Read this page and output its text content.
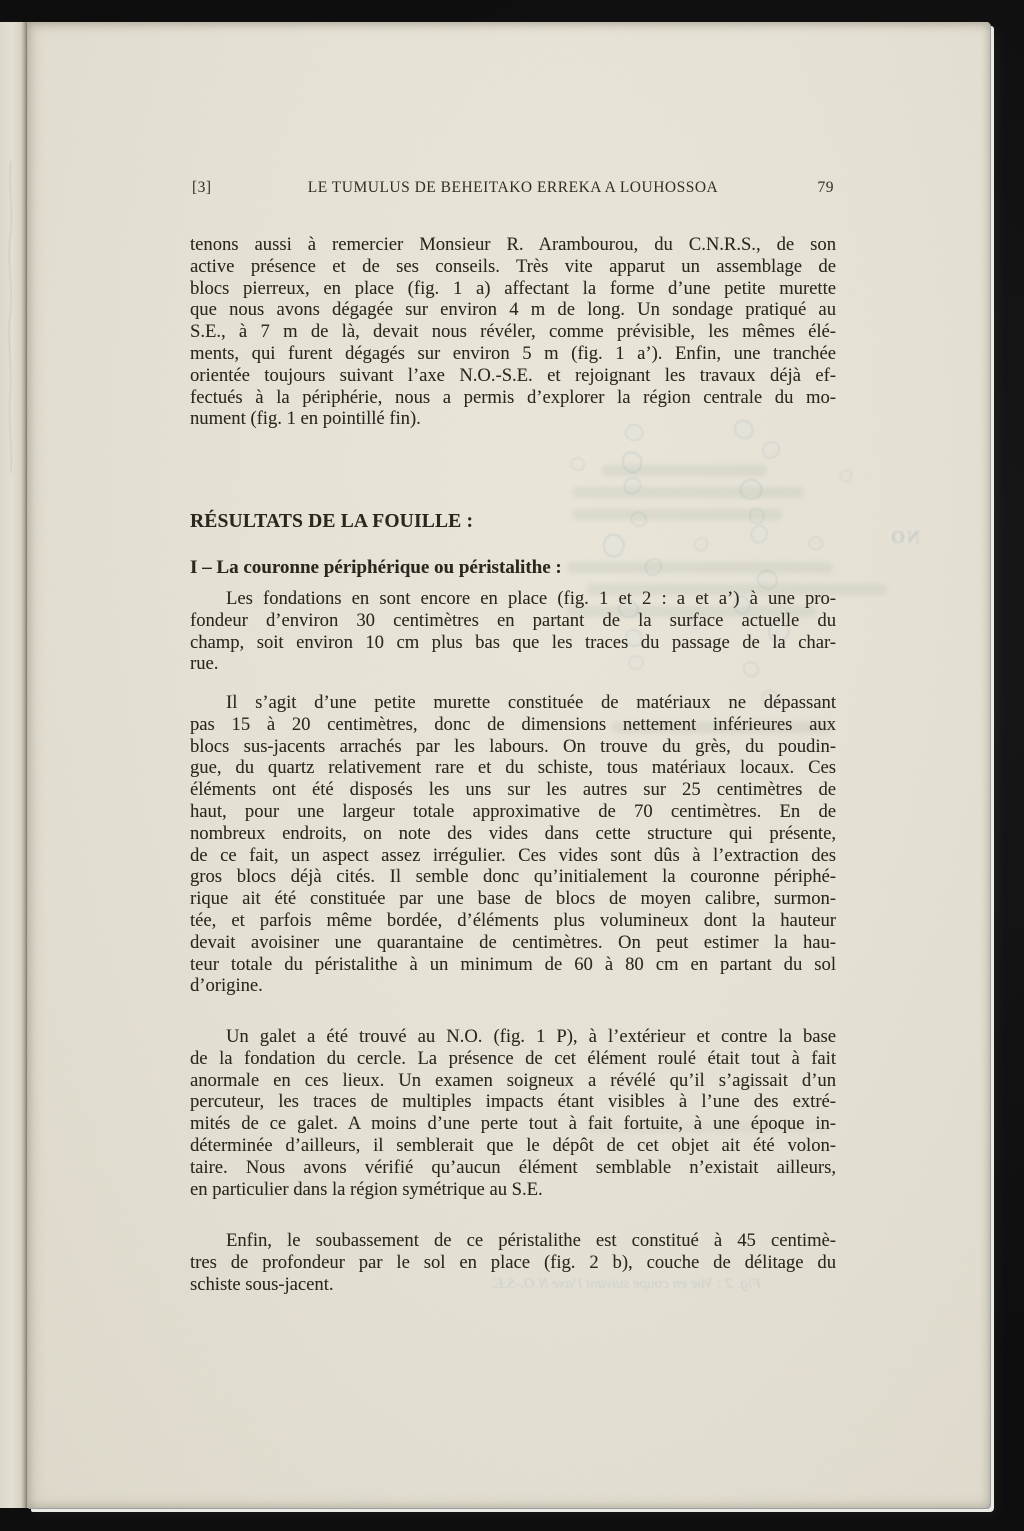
NO
Fig. 2 : Vue en coupe suivant l’axe N.O.-S.E.
[3]	LE TUMULUS DE BEHEITAKO ERREKA A LOUHOSSOA	79
tenons aussi à remercier Monsieur R. Arambourou, du C.N.R.S., de son
active présence et de ses conseils. Très vite apparut un assemblage de
blocs pierreux, en place (fig. 1 a) affectant la forme d’une petite murette
que nous avons dégagée sur environ 4 m de long. Un sondage pratiqué au
S.E., à 7 m de là, devait nous révéler, comme prévisible, les mêmes élé-
ments, qui furent dégagés sur environ 5 m (fig. 1 a’). Enfin, une tranchée
orientée toujours suivant l’axe N.O.-S.E. et rejoignant les travaux déjà ef-
fectués à la périphérie, nous a permis d’explorer la région centrale du mo-
nument (fig. 1 en pointillé fin).
RÉSULTATS DE LA FOUILLE :
I – La couronne périphérique ou péristalithe :
Les fondations en sont encore en place (fig. 1 et 2 : a et a’) à une pro-
fondeur d’environ 30 centimètres en partant de la surface actuelle du
champ, soit environ 10 cm plus bas que les traces du passage de la char-
rue.
Il s’agit d’une petite murette constituée de matériaux ne dépassant
pas 15 à 20 centimètres, donc de dimensions nettement inférieures aux
blocs sus-jacents arrachés par les labours. On trouve du grès, du poudin-
gue, du quartz relativement rare et du schiste, tous matériaux locaux. Ces
éléments ont été disposés les uns sur les autres sur 25 centimètres de
haut, pour une largeur totale approximative de 70 centimètres. En de
nombreux endroits, on note des vides dans cette structure qui présente,
de ce fait, un aspect assez irrégulier. Ces vides sont dûs à l’extraction des
gros blocs déjà cités. Il semble donc qu’initialement la couronne périphé-
rique ait été constituée par une base de blocs de moyen calibre, surmon-
tée, et parfois même bordée, d’éléments plus volumineux dont la hauteur
devait avoisiner une quarantaine de centimètres. On peut estimer la hau-
teur totale du péristalithe à un minimum de 60 à 80 cm en partant du sol
d’origine.
Un galet a été trouvé au N.O. (fig. 1 P), à l’extérieur et contre la base
de la fondation du cercle. La présence de cet élément roulé était tout à fait
anormale en ces lieux. Un examen soigneux a révélé qu’il s’agissait d’un
percuteur, les traces de multiples impacts étant visibles à l’une des extré-
mités de ce galet. A moins d’une perte tout à fait fortuite, à une époque in-
déterminée d’ailleurs, il semblerait que le dépôt de cet objet ait été volon-
taire. Nous avons vérifié qu’aucun élément semblable n’existait ailleurs,
en particulier dans la région symétrique au S.E.
Enfin, le soubassement de ce péristalithe est constitué à 45 centimè-
tres de profondeur par le sol en place (fig. 2 b), couche de délitage du
schiste sous-jacent.
